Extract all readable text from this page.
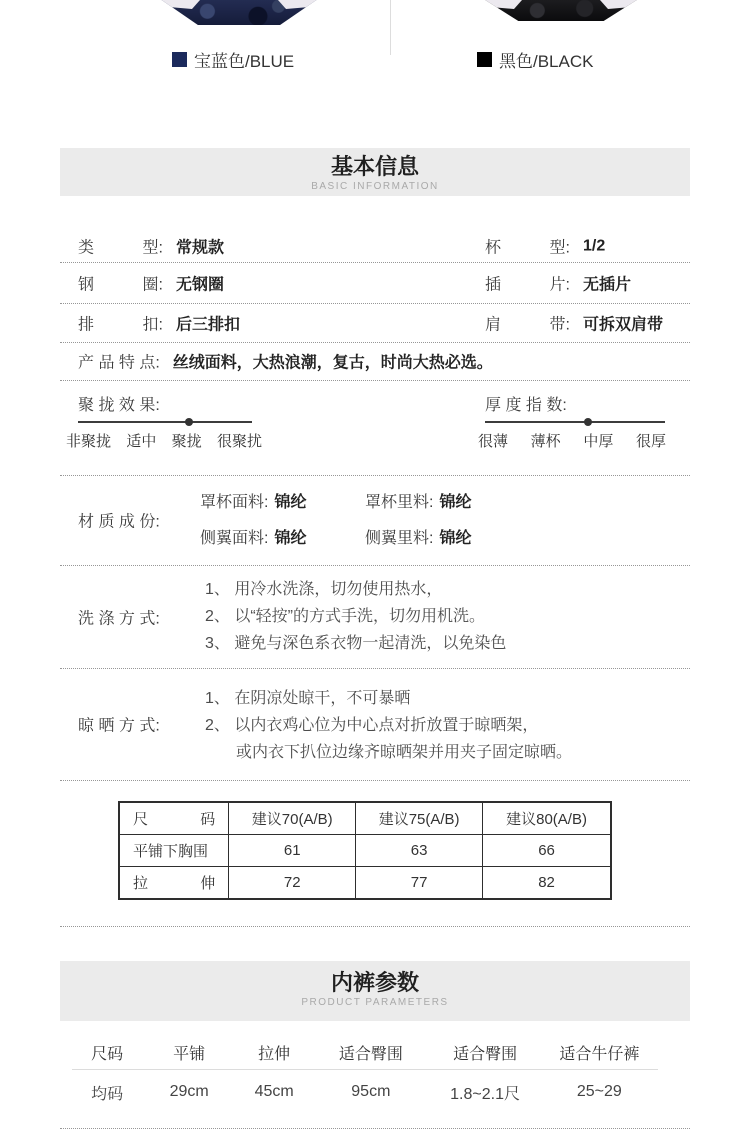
宝蓝色/BLUE	黑色/BLACK
基本信息
BASIC INFORMATION
类	型: 常规款	杯	型: 1/2
钢	圈: 无钢圈	插	片: 无插片
排	扣: 后三排扣	肩	带: 可拆双肩带
产 品 特 点: 丝绒面料，大热浪潮，复古，时尚大热必选。
聚 拢 效 果:
非聚拢 适中 聚拢 很聚扰
厚 度 指 数:
很薄 薄杯 中厚 很厚
材 质 成 份:
罩杯面料: 锦纶	罩杯里料: 锦纶
侧翼面料: 锦纶	侧翼里料: 锦纶
洗 涤 方 式:
1、 用冷水洗涤，切勿使用热水，
2、 以“轻按”的方式手洗，切勿用机洗。
3、 避免与深色系衣物一起清洗，以免染色
晾 晒 方 式:
1、 在阴凉处晾干，不可暴晒
2、 以内衣鸡心位为中心点对折放置于晾晒架，
或内衣下扒位边缘齐晾晒架并用夹子固定晾晒。
尺	码	建议70(A/B)	建议75(A/B)	建议80(A/B)
平铺下胸围	61	63	66
拉	伸	72	77	82
内裤参数
PRODUCT PARAMETERS
尺码	平铺	拉伸	适合臀围	适合臀围	适合牛仔裤
均码	29cm	45cm	95cm	1.8~2.1尺	25~29
